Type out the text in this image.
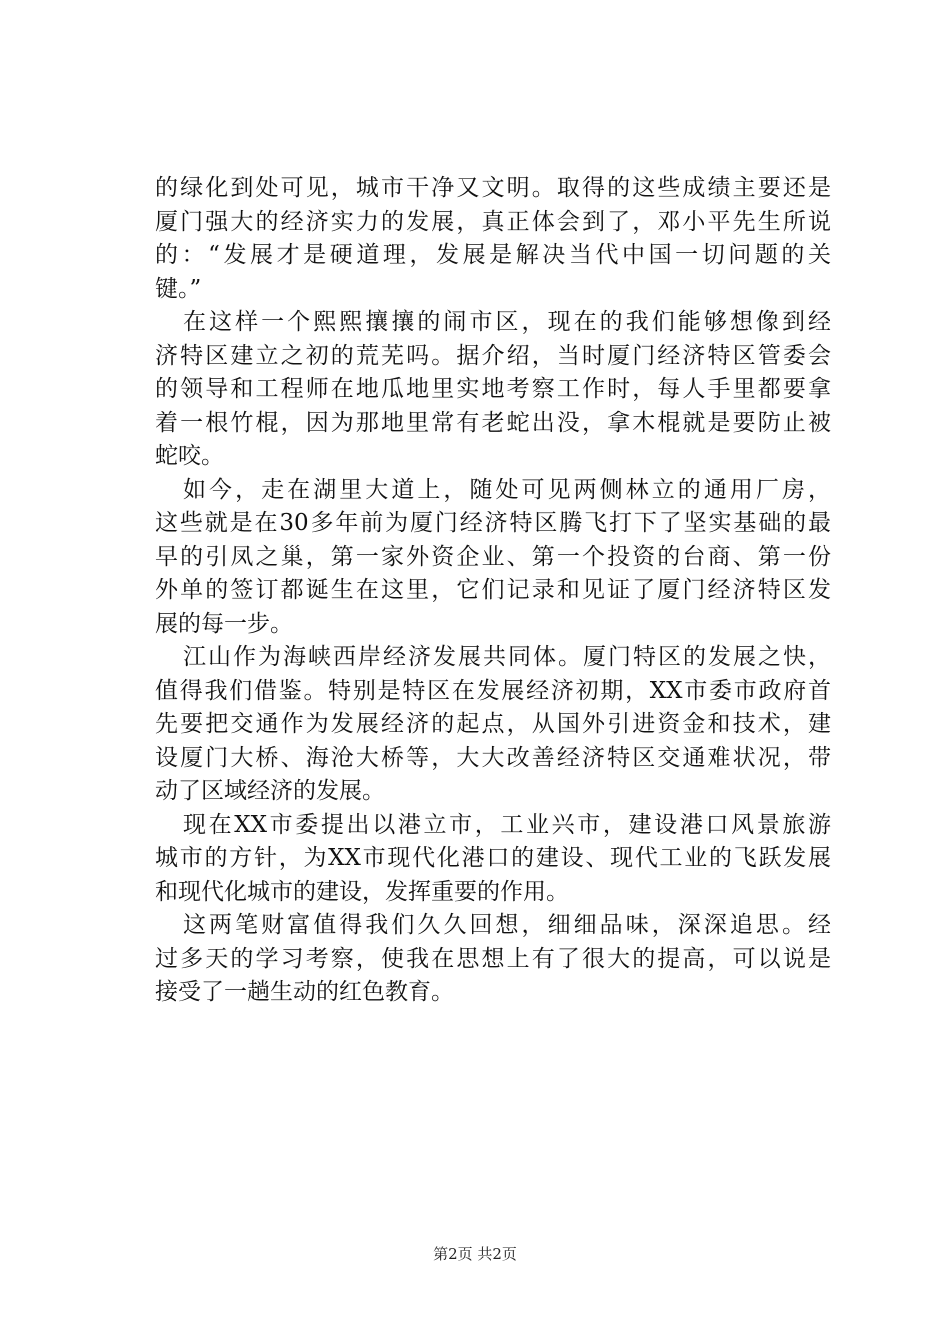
的绿化到处可见，城市干净又文明。取得的这些成绩主要还是
厦门强大的经济实力的发展，真正体会到了，邓小平先生所说
的：“发展才是硬道理，发展是解决当代中国一切问题的关
键。”
在这样一个熙熙攘攘的闹市区，现在的我们能够想像到经
济特区建立之初的荒芜吗。据介绍，当时厦门经济特区管委会
的领导和工程师在地瓜地里实地考察工作时，每人手里都要拿
着一根竹棍，因为那地里常有老蛇出没，拿木棍就是要防止被
蛇咬。
如今，走在湖里大道上，随处可见两侧林立的通用厂房，
这些就是在30多年前为厦门经济特区腾飞打下了坚实基础的最
早的引凤之巢，第一家外资企业、第一个投资的台商、第一份
外单的签订都诞生在这里，它们记录和见证了厦门经济特区发
展的每一步。
江山作为海峡西岸经济发展共同体。厦门特区的发展之快，
值得我们借鉴。特别是特区在发展经济初期，XX市委市政府首
先要把交通作为发展经济的起点，从国外引进资金和技术，建
设厦门大桥、海沧大桥等，大大改善经济特区交通难状况，带
动了区域经济的发展。
现在XX市委提出以港立市，工业兴市，建设港口风景旅游
城市的方针，为XX市现代化港口的建设、现代工业的飞跃发展
和现代化城市的建设，发挥重要的作用。
这两笔财富值得我们久久回想，细细品味，深深追思。经
过多天的学习考察，使我在思想上有了很大的提高，可以说是
接受了一趟生动的红色教育。
第2页 共2页
